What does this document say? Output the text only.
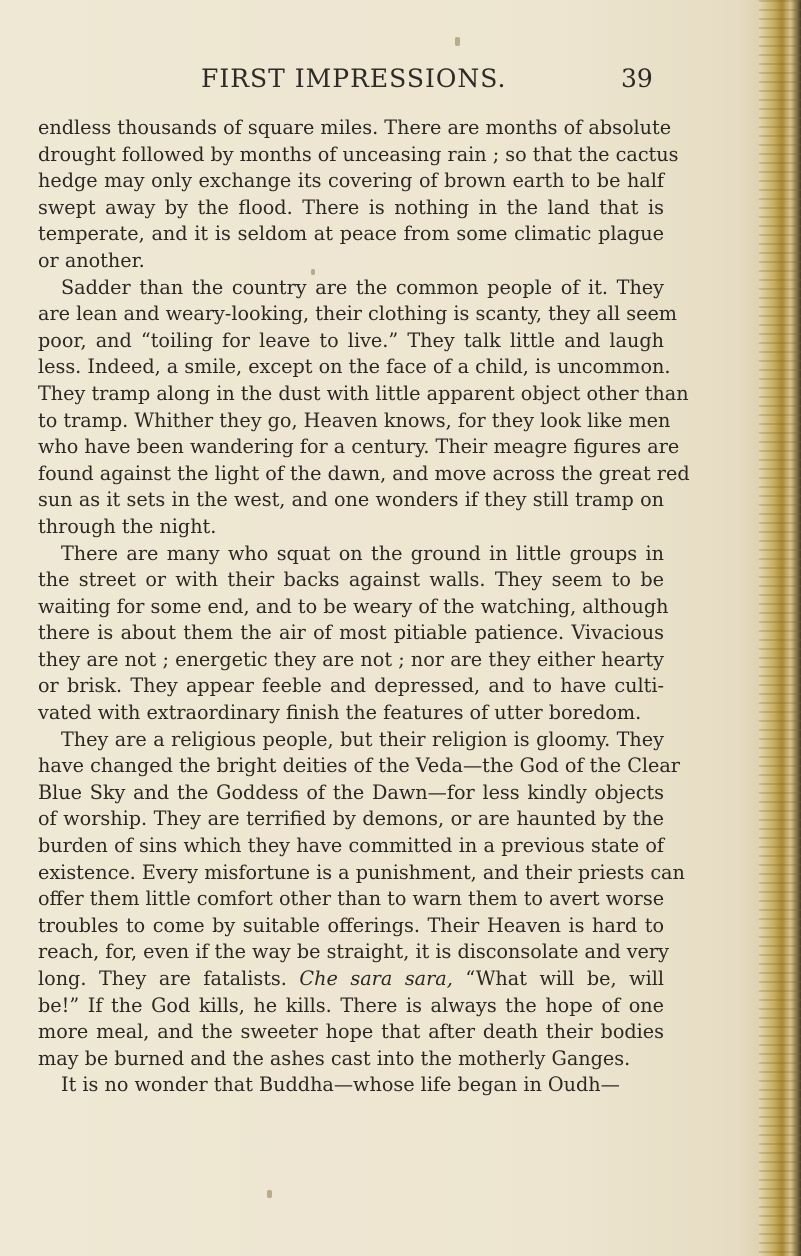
FIRST IMPRESSIONS.	39
endless thousands of square miles. There are months of absolute
drought followed by months of unceasing rain ; so that the cactus
hedge may only exchange its covering of brown earth to be half
swept away by the flood. There is nothing in the land that is
temperate, and it is seldom at peace from some climatic plague
or another.
Sadder than the country are the common people of it. They
are lean and weary-looking, their clothing is scanty, they all seem
poor, and “toiling for leave to live.” They talk little and laugh
less. Indeed, a smile, except on the face of a child, is uncommon.
They tramp along in the dust with little apparent object other than
to tramp. Whither they go, Heaven knows, for they look like men
who have been wandering for a century. Their meagre figures are
found against the light of the dawn, and move across the great red
sun as it sets in the west, and one wonders if they still tramp on
through the night.
There are many who squat on the ground in little groups in
the street or with their backs against walls. They seem to be
waiting for some end, and to be weary of the watching, although
there is about them the air of most pitiable patience. Vivacious
they are not ; energetic they are not ; nor are they either hearty
or brisk. They appear feeble and depressed, and to have culti-
vated with extraordinary finish the features of utter boredom.
They are a religious people, but their religion is gloomy. They
have changed the bright deities of the Veda—the God of the Clear
Blue Sky and the Goddess of the Dawn—for less kindly objects
of worship. They are terrified by demons, or are haunted by the
burden of sins which they have committed in a previous state of
existence. Every misfortune is a punishment, and their priests can
offer them little comfort other than to warn them to avert worse
troubles to come by suitable offerings. Their Heaven is hard to
reach, for, even if the way be straight, it is disconsolate and very
long. They are fatalists. Che sara sara, “What will be, will
be!” If the God kills, he kills. There is always the hope of one
more meal, and the sweeter hope that after death their bodies
may be burned and the ashes cast into the motherly Ganges.
It is no wonder that Buddha—whose life began in Oudh—
